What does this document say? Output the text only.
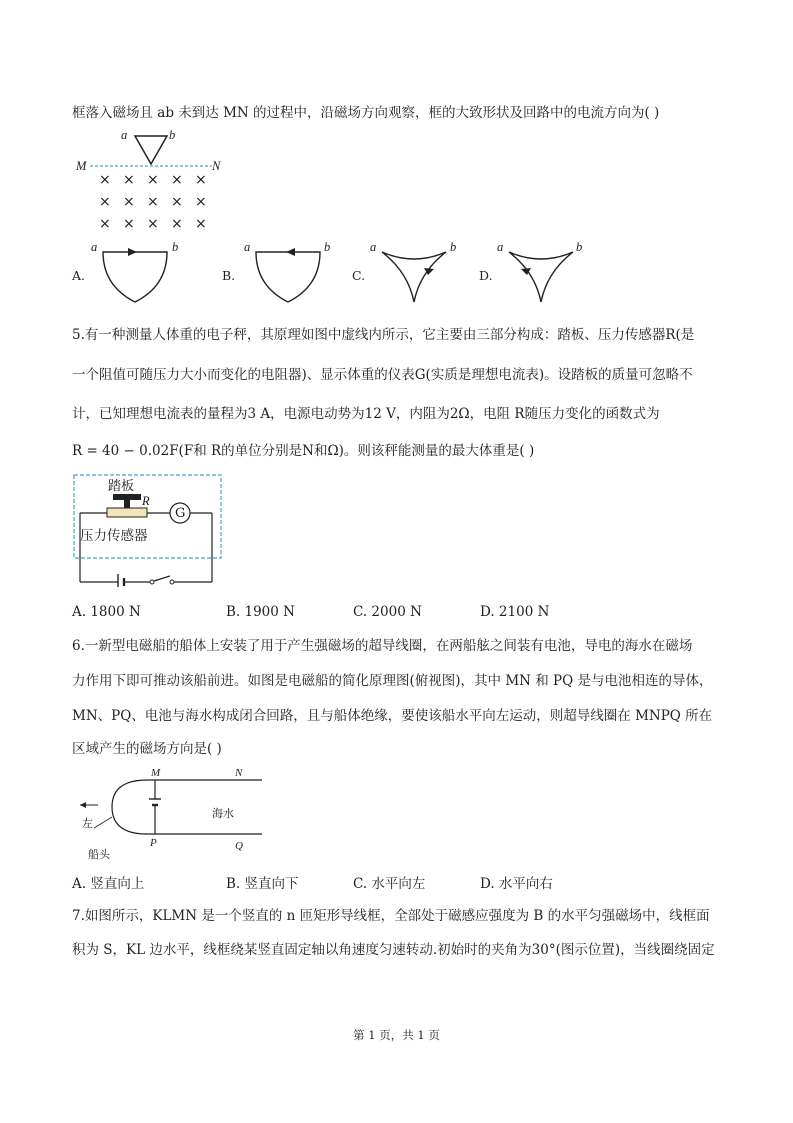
框落入磁场且 ab 未到达 MN 的过程中，沿磁场方向观察，框的大致形状及回路中的电流方向为( )
× × × × ×
× × × × ×
× × × × ×
a	b
M	N
A.
a	b
B.
a	b
C.
a	b
D.
a	b
5.有一种测量人体重的电子秤，其原理如图中虚线内所示，它主要由三部分构成：踏板、压力传感器R(是
一个阻值可随压力大小而变化的电阻器)、显示体重的仪表G(实质是理想电流表)。设踏板的质量可忽略不
计，已知理想电流表的量程为3 A，电源电动势为12 V，内阻为2Ω，电阻 R随压力变化的函数式为
R = 40 − 0.02F(F和 R的单位分别是N和Ω)。则该秤能测量的最大体重是( )
踏板
R
G
压力传感器
A. 1800 N	B. 1900 N	C. 2000 N	D. 2100 N
6.一新型电磁船的船体上安装了用于产生强磁场的超导线圈，在两船舷之间装有电池，导电的海水在磁场
力作用下即可推动该船前进。如图是电磁船的简化原理图(俯视图)，其中 MN 和 PQ 是与电池相连的导体，
MN、PQ、电池与海水构成闭合回路，且与船体绝缘，要使该船水平向左运动，则超导线圈在 MNPQ 所在
区域产生的磁场方向是( )
M	N
海水
左
P	Q
船头
A. 竖直向上	B. 竖直向下	C. 水平向左	D. 水平向右
7.如图所示，KLMN 是一个竖直的 n 匝矩形导线框，全部处于磁感应强度为 B 的水平匀强磁场中，线框面
积为 S，KL 边水平，线框绕某竖直固定轴以角速度匀速转动.初始时的夹角为30°(图示位置)，当线圈绕固定
第 1 页，共 1 页
